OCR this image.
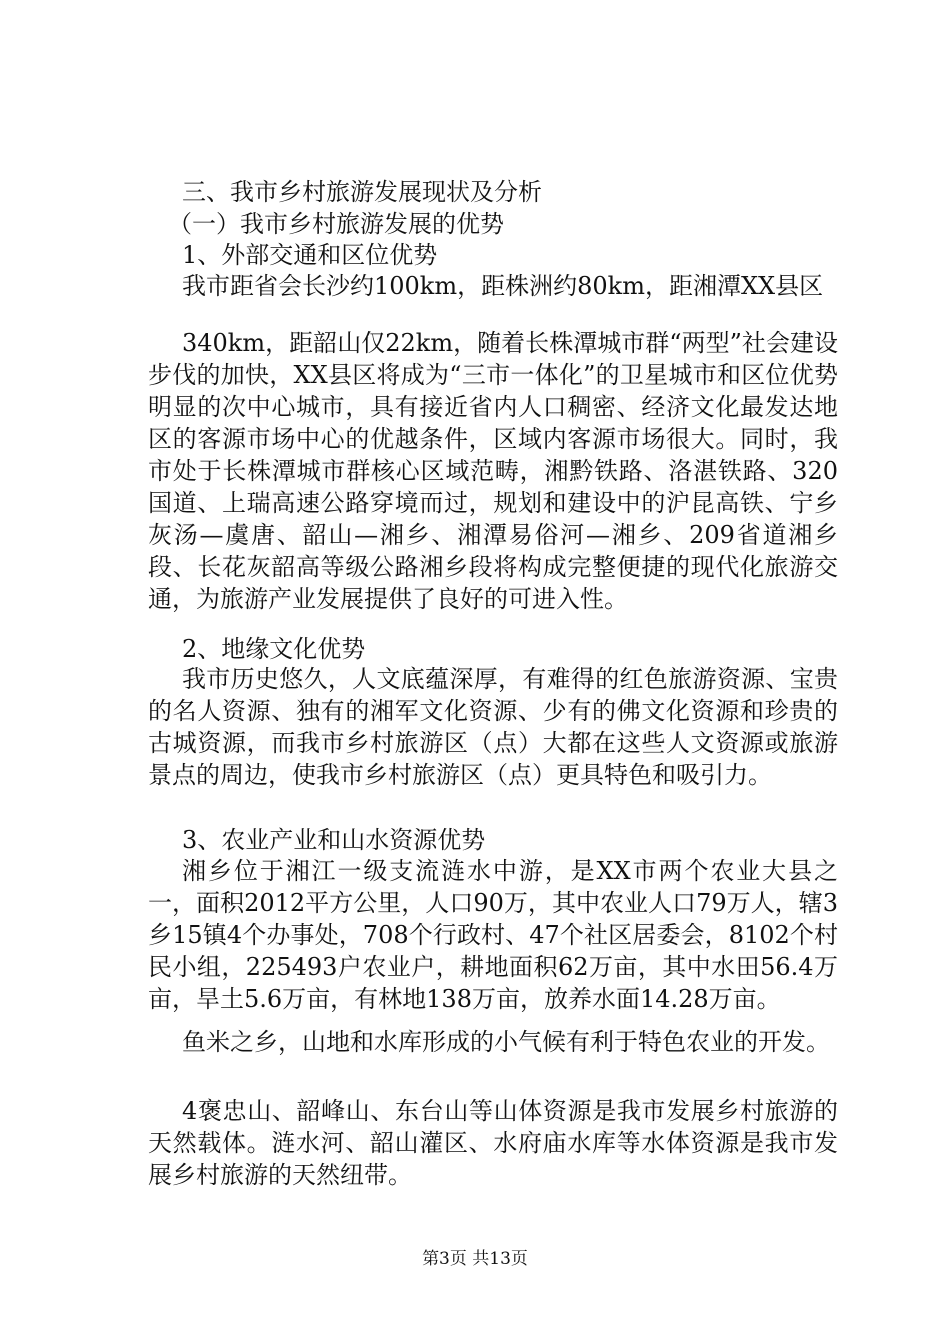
三、我市乡村旅游发展现状及分析
（一）我市乡村旅游发展的优势
1、外部交通和区位优势
我市距省会长沙约100km，距株洲约80km，距湘潭XX县区
340km，距韶山仅22km，随着长株潭城市群“两型”社会建设步伐的加快，XX县区将成为“三市一体化”的卫星城市和区位优势明显的次中心城市，具有接近省内人口稠密、经济文化最发达地区的客源市场中心的优越条件，区域内客源市场很大。同时，我市处于长株潭城市群核心区域范畴，湘黔铁路、洛湛铁路、320国道、上瑞高速公路穿境而过，规划和建设中的沪昆高铁、宁乡灰汤—虞唐、韶山—湘乡、湘潭易俗河—湘乡、209省道湘乡段、长花灰韶高等级公路湘乡段将构成完整便捷的现代化旅游交通，为旅游产业发展提供了良好的可进入性。
2、地缘文化优势
我市历史悠久，人文底蕴深厚，有难得的红色旅游资源、宝贵的名人资源、独有的湘军文化资源、少有的佛文化资源和珍贵的古城资源，而我市乡村旅游区（点）大都在这些人文资源或旅游景点的周边，使我市乡村旅游区（点）更具特色和吸引力。
3、农业产业和山水资源优势
湘乡位于湘江一级支流涟水中游，是XX市两个农业大县之一，面积2012平方公里，人口90万，其中农业人口79万人，辖3乡15镇4个办事处，708个行政村、47个社区居委会，8102个村民小组，225493户农业户，耕地面积62万亩，其中水田56.4万亩，旱土5.6万亩，有林地138万亩，放养水面14.28万亩。
鱼米之乡，山地和水库形成的小气候有利于特色农业的开发。
4褒忠山、韶峰山、东台山等山体资源是我市发展乡村旅游的天然载体。涟水河、韶山灌区、水府庙水库等水体资源是我市发展乡村旅游的天然纽带。
第3页 共13页
